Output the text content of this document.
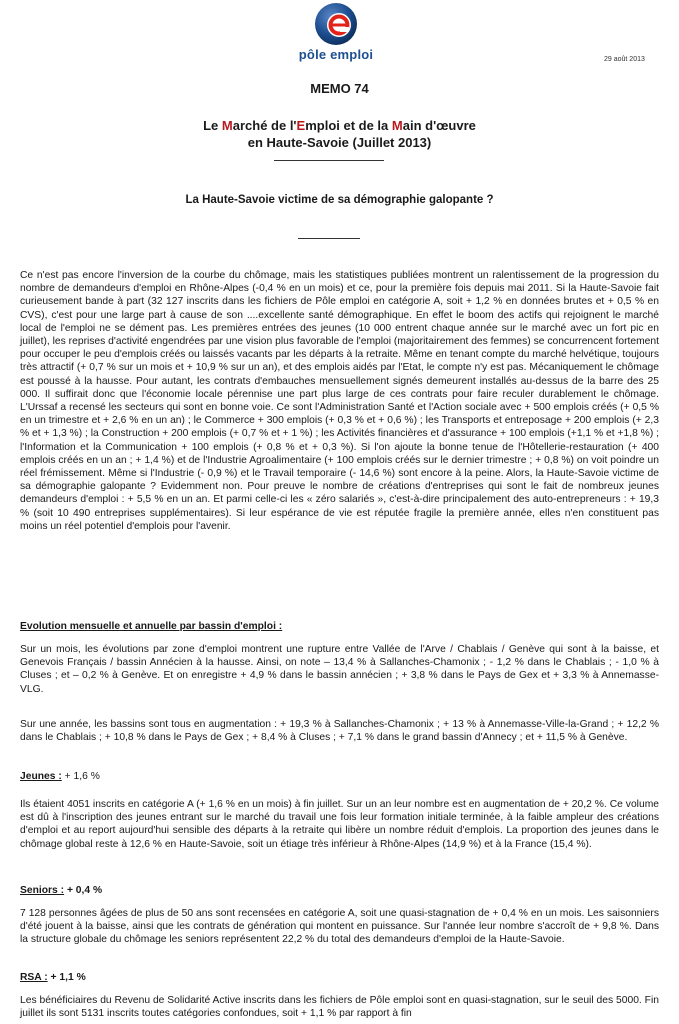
pôle emploi	29 août 2013
MEMO 74
Le Marché de l'Emploi et de la Main d'œuvre
en Haute-Savoie (Juillet 2013)
La Haute-Savoie victime de sa démographie galopante ?

Ce n'est pas encore l'inversion de la courbe du chômage, mais les statistiques publiées montrent un ralentissement de la progression du nombre de demandeurs d'emploi en Rhône-Alpes (-0,4 % en un mois) et ce, pour la première fois depuis mai 2011. Si la Haute-Savoie fait curieusement bande à part (32 127 inscrits dans les fichiers de Pôle emploi en catégorie A, soit + 1,2 % en données brutes et + 0,5 % en CVS), c'est pour une large part à cause de son ....excellente santé démographique. En effet le boom des actifs qui rejoignent le marché local de l'emploi ne se dément pas. Les premières entrées des jeunes (10 000 entrent chaque année sur le marché avec un fort pic en juillet), les reprises d'activité engendrées par une vision plus favorable de l'emploi (majoritairement des femmes) se concurrencent fortement pour occuper le peu d'emplois créés ou laissés vacants par les départs à la retraite. Même en tenant compte du marché helvétique, toujours très attractif (+ 0,7 % sur un mois et + 10,9 % sur un an), et des emplois aidés par l'Etat, le compte n'y est pas. Mécaniquement le chômage est poussé à la hausse. Pour autant, les contrats d'embauches mensuellement signés demeurent installés au-dessus de la barre des 25 000. Il suffirait donc que l'économie locale pérennise une part plus large de ces contrats pour faire reculer durablement le chômage. L'Urssaf a recensé les secteurs qui sont en bonne voie. Ce sont l'Administration Santé et l'Action sociale avec + 500 emplois créés (+ 0,5 % en un trimestre et + 2,6 % en un an) ; le Commerce + 300 emplois (+ 0,3 % et + 0,6 %) ; les Transports et entreposage + 200 emplois (+ 2,3 % et + 1,3 %) ; la Construction + 200 emplois (+ 0,7 % et + 1 %) ; les Activités financières et d'assurance + 100 emplois (+1,1 % et +1,8 %) ; l'Information et la Communication + 100 emplois (+ 0,8 % et + 0,3 %). Si l'on ajoute la bonne tenue de l'Hôtellerie-restauration (+ 400 emplois créés en un an ; + 1,4 %) et de l'Industrie Agroalimentaire (+ 100 emplois créés sur le dernier trimestre ; + 0,8 %) on voit poindre un réel frémissement. Même si l'Industrie (- 0,9 %) et le Travail temporaire (- 14,6 %) sont encore à la peine. Alors, la Haute-Savoie victime de sa démographie galopante ? Evidemment non. Pour preuve le nombre de créations d'entreprises qui sont le fait de nombreux jeunes demandeurs d'emploi : + 5,5 % en un an. Et parmi celle-ci les « zéro salariés », c'est-à-dire principalement des auto-entrepreneurs : + 19,3 % (soit 10 490 entreprises supplémentaires). Si leur espérance de vie est réputée fragile la première année, elles n'en constituent pas moins un réel potentiel d'emplois pour l'avenir.

Evolution mensuelle et annuelle par bassin d'emploi :

Sur un mois, les évolutions par zone d'emploi montrent une rupture entre Vallée de l'Arve / Chablais / Genève qui sont à la baisse, et Genevois Français / bassin Annécien à la hausse. Ainsi, on note – 13,4 % à Sallanches-Chamonix ; - 1,2 % dans le Chablais ; - 1,0 % à Cluses ; et – 0,2 % à Genève. Et on enregistre + 4,9 % dans le bassin annécien ; + 3,8 % dans le Pays de Gex et + 3,3 % à Annemasse-VLG.

Sur une année, les bassins sont tous en augmentation : + 19,3 % à Sallanches-Chamonix ; + 13 % à Annemasse-Ville-la-Grand ; + 12,2 % dans le Chablais ; + 10,8 % dans le Pays de Gex ; + 8,4 % à Cluses ; + 7,1 % dans le grand bassin d'Annecy ; et + 11,5 % à Genève.

Jeunes : + 1,6 %

Ils étaient 4051 inscrits en catégorie A (+ 1,6 % en un mois) à fin juillet. Sur un an leur nombre est en augmentation de + 20,2 %. Ce volume est dû à l'inscription des jeunes entrant sur le marché du travail une fois leur formation initiale terminée, à la faible ampleur des créations d'emploi et au report aujourd'hui sensible des départs à la retraite qui libère un nombre réduit d'emplois. La proportion des jeunes dans le chômage global reste à 12,6 % en Haute-Savoie, soit un étiage très inférieur à Rhône-Alpes (14,9 %) et à la France (15,4 %).

Seniors : + 0,4 %

7 128 personnes âgées de plus de 50 ans sont recensées en catégorie A, soit une quasi-stagnation de + 0,4 % en un mois. Les saisonniers d'été jouent à la baisse, ainsi que les contrats de génération qui montent en puissance. Sur l'année leur nombre s'accroît de + 9,8 %. Dans la structure globale du chômage les seniors représentent 22,2 % du total des demandeurs d'emploi de la Haute-Savoie.

RSA : + 1,1 %

Les bénéficiaires du Revenu de Solidarité Active inscrits dans les fichiers de Pôle emploi sont en quasi-stagnation, sur le seuil des 5000. Fin juillet ils sont 5131 inscrits toutes catégories confondues, soit + 1,1 % par rapport à fin
